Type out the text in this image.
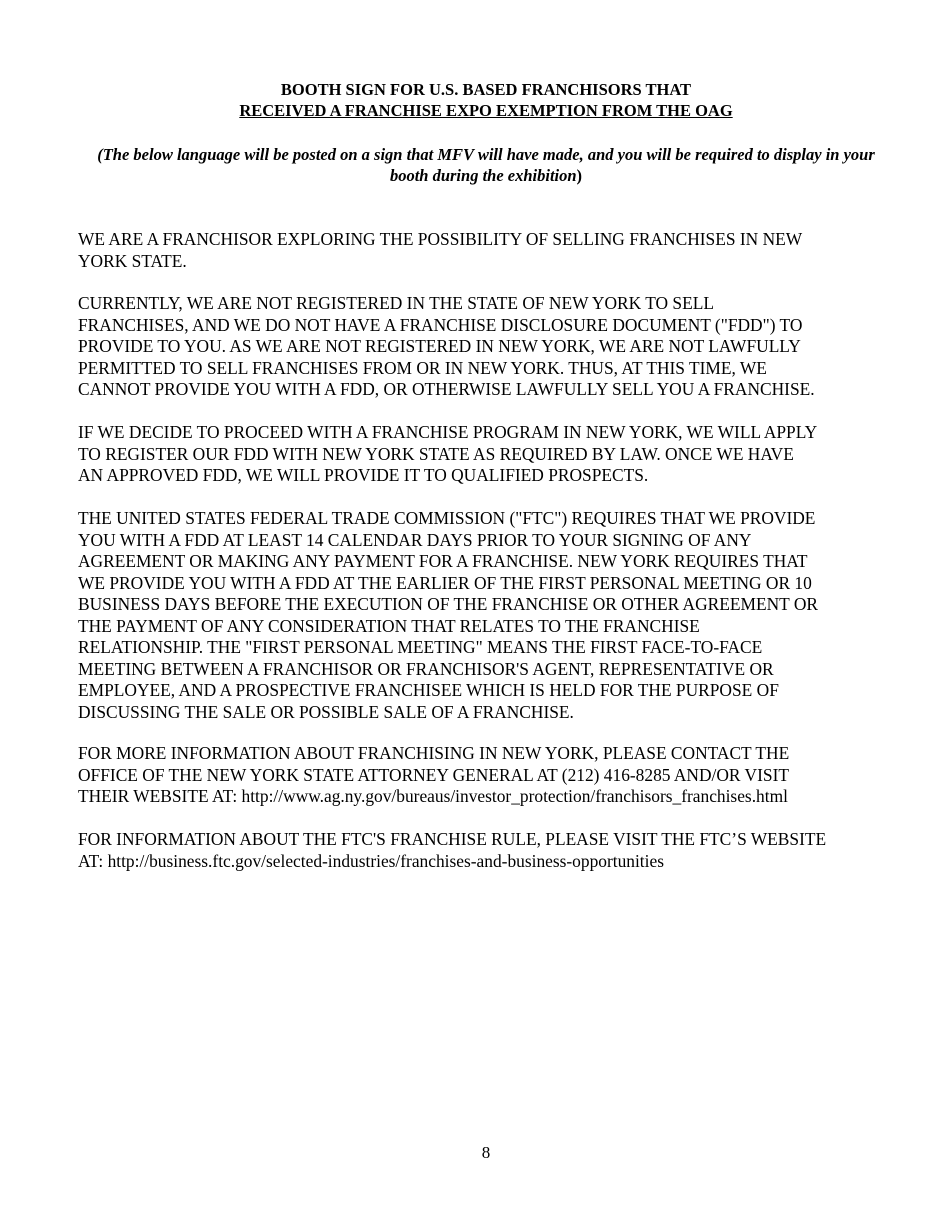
BOOTH SIGN FOR U.S. BASED FRANCHISORS THAT
RECEIVED A FRANCHISE EXPO EXEMPTION FROM THE OAG

(The below language will be posted on a sign that MFV will have made, and you will be required to display in your booth during the exhibition)

WE ARE A FRANCHISOR EXPLORING THE POSSIBILITY OF SELLING FRANCHISES IN NEW
YORK STATE.

CURRENTLY, WE ARE NOT REGISTERED IN THE STATE OF NEW YORK TO SELL
FRANCHISES, AND WE DO NOT HAVE A FRANCHISE DISCLOSURE DOCUMENT ("FDD") TO
PROVIDE TO YOU. AS WE ARE NOT REGISTERED IN NEW YORK, WE ARE NOT LAWFULLY
PERMITTED TO SELL FRANCHISES FROM OR IN NEW YORK. THUS, AT THIS TIME, WE
CANNOT PROVIDE YOU WITH A FDD, OR OTHERWISE LAWFULLY SELL YOU A FRANCHISE.

IF WE DECIDE TO PROCEED WITH A FRANCHISE PROGRAM IN NEW YORK, WE WILL APPLY
TO REGISTER OUR FDD WITH NEW YORK STATE AS REQUIRED BY LAW. ONCE WE HAVE
AN APPROVED FDD, WE WILL PROVIDE IT TO QUALIFIED PROSPECTS.

THE UNITED STATES FEDERAL TRADE COMMISSION ("FTC") REQUIRES THAT WE PROVIDE
YOU WITH A FDD AT LEAST 14 CALENDAR DAYS PRIOR TO YOUR SIGNING OF ANY
AGREEMENT OR MAKING ANY PAYMENT FOR A FRANCHISE. NEW YORK REQUIRES THAT
WE PROVIDE YOU WITH A FDD AT THE EARLIER OF THE FIRST PERSONAL MEETING OR 10
BUSINESS DAYS BEFORE THE EXECUTION OF THE FRANCHISE OR OTHER AGREEMENT OR
THE PAYMENT OF ANY CONSIDERATION THAT RELATES TO THE FRANCHISE
RELATIONSHIP. THE "FIRST PERSONAL MEETING" MEANS THE FIRST FACE-TO-FACE
MEETING BETWEEN A FRANCHISOR OR FRANCHISOR'S AGENT, REPRESENTATIVE OR
EMPLOYEE, AND A PROSPECTIVE FRANCHISEE WHICH IS HELD FOR THE PURPOSE OF
DISCUSSING THE SALE OR POSSIBLE SALE OF A FRANCHISE.

FOR MORE INFORMATION ABOUT FRANCHISING IN NEW YORK, PLEASE CONTACT THE
OFFICE OF THE NEW YORK STATE ATTORNEY GENERAL AT (212) 416-8285 AND/OR VISIT
THEIR WEBSITE AT: http://www.ag.ny.gov/bureaus/investor_protection/franchisors_franchises.html

FOR INFORMATION ABOUT THE FTC'S FRANCHISE RULE, PLEASE VISIT THE FTC’S WEBSITE
AT: http://business.ftc.gov/selected-industries/franchises-and-business-opportunities

8
